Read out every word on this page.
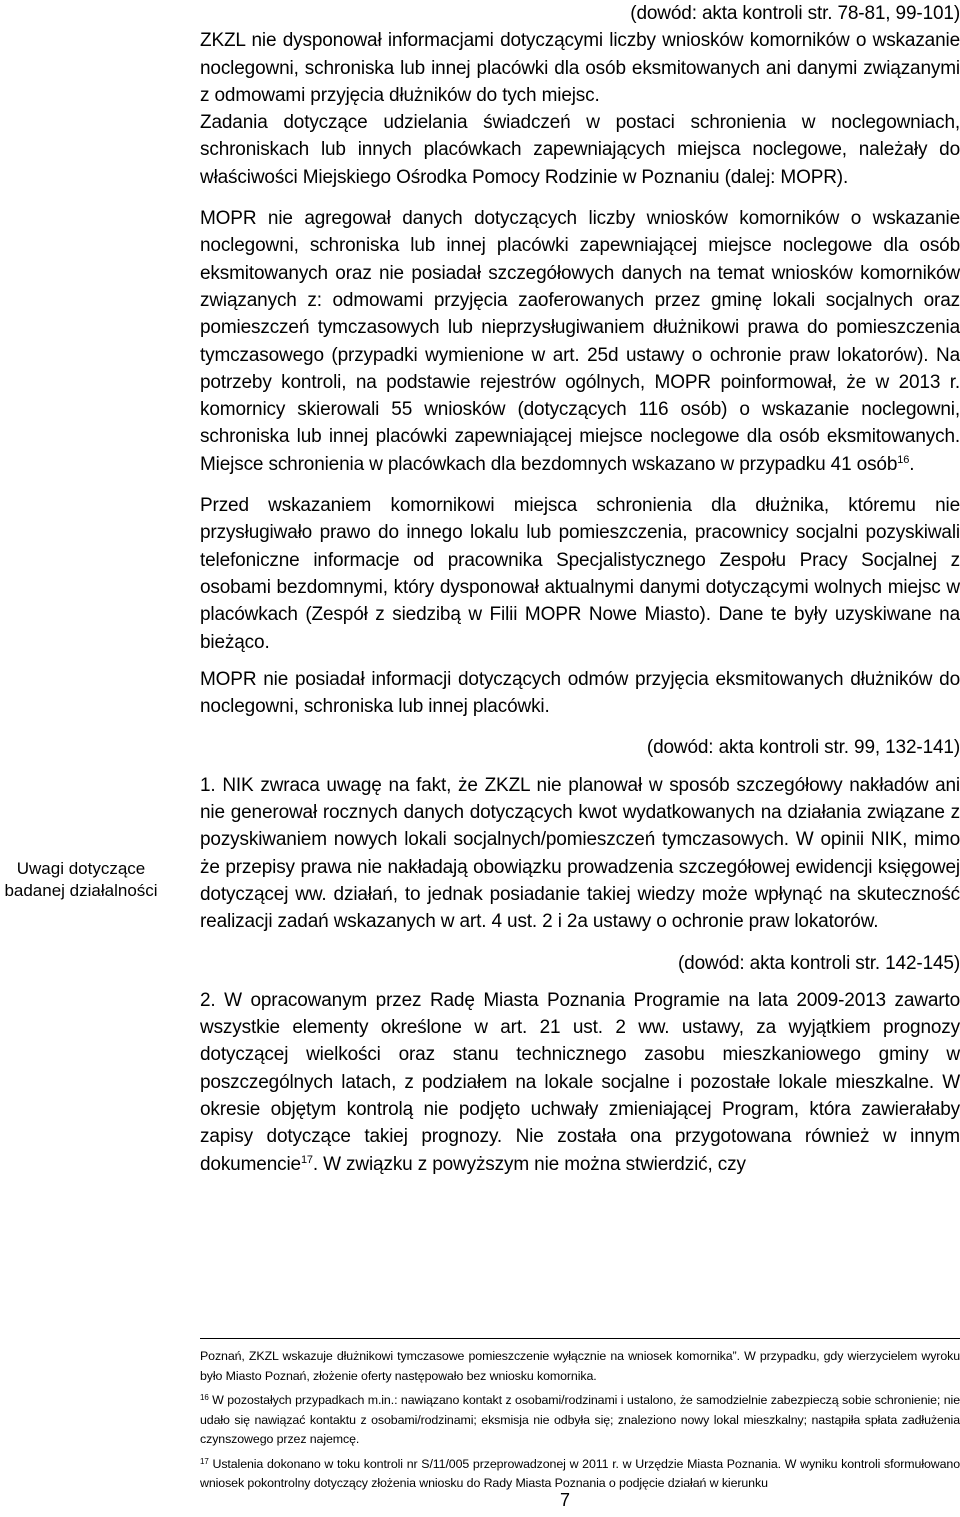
Uwagi dotyczące
badanej działalności

(dowód: akta kontroli str. 78-81, 99-101)

ZKZL nie dysponował informacjami dotyczącymi liczby wniosków komorników o wskazanie noclegowni, schroniska lub innej placówki dla osób eksmitowanych ani danymi związanymi z odmowami przyjęcia dłużników do tych miejsc.

Zadania dotyczące udzielania świadczeń w postaci schronienia w noclegowniach, schroniskach lub innych placówkach zapewniających miejsca noclegowe, należały do właściwości Miejskiego Ośrodka Pomocy Rodzinie w Poznaniu (dalej: MOPR).

MOPR nie agregował danych dotyczących liczby wniosków komorników o wskazanie noclegowni, schroniska lub innej placówki zapewniającej miejsce noclegowe dla osób eksmitowanych oraz nie posiadał szczegółowych danych na temat wniosków komorników związanych z: odmowami przyjęcia zaoferowanych przez gminę lokali socjalnych oraz pomieszczeń tymczasowych lub nieprzysługiwaniem dłużnikowi prawa do pomieszczenia tymczasowego (przypadki wymienione w art. 25d ustawy o ochronie praw lokatorów). Na potrzeby kontroli, na podstawie rejestrów ogólnych, MOPR poinformował, że w 2013 r. komornicy skierowali 55 wniosków (dotyczących 116 osób) o wskazanie noclegowni, schroniska lub innej placówki zapewniającej miejsce noclegowe dla osób eksmitowanych. Miejsce schronienia w placówkach dla bezdomnych wskazano w przypadku 41 osób$^{16}$.

Przed wskazaniem komornikowi miejsca schronienia dla dłużnika, któremu nie przysługiwało prawo do innego lokalu lub pomieszczenia, pracownicy socjalni pozyskiwali telefoniczne informacje od pracownika Specjalistycznego Zespołu Pracy Socjalnej z osobami bezdomnymi, który dysponował aktualnymi danymi dotyczącymi wolnych miejsc w placówkach (Zespół z siedzibą w Filii MOPR Nowe Miasto). Dane te były uzyskiwane na bieżąco.

MOPR nie posiadał informacji dotyczących odmów przyjęcia eksmitowanych dłużników do noclegowni, schroniska lub innej placówki.

(dowód: akta kontroli str. 99, 132-141)

1. NIK zwraca uwagę na fakt, że ZKZL nie planował w sposób szczegółowy nakładów ani nie generował rocznych danych dotyczących kwot wydatkowanych na działania związane z pozyskiwaniem nowych lokali socjalnych/pomieszczeń tymczasowych. W opinii NIK, mimo że przepisy prawa nie nakładają obowiązku prowadzenia szczegółowej ewidencji księgowej dotyczącej ww. działań, to jednak posiadanie takiej wiedzy może wpłynąć na skuteczność realizacji zadań wskazanych w art. 4 ust. 2 i 2a ustawy o ochronie praw lokatorów.

(dowód: akta kontroli str. 142-145)

2. W opracowanym przez Radę Miasta Poznania Programie na lata 2009-2013 zawarto wszystkie elementy określone w art. 21 ust. 2 ww. ustawy, za wyjątkiem prognozy dotyczącej wielkości oraz stanu technicznego zasobu mieszkaniowego gminy w poszczególnych latach, z podziałem na lokale socjalne i pozostałe lokale mieszkalne. W okresie objętym kontrolą nie podjęto uchwały zmieniającej Program, która zawierałaby zapisy dotyczące takiej prognozy. Nie została ona przygotowana również w innym dokumencie$^{17}$. W związku z powyższym nie można stwierdzić, czy

Poznań, ZKZL wskazuje dłużnikowi tymczasowe pomieszczenie wyłącznie na wniosek komornika”. W przypadku, gdy wierzycielem wyroku było Miasto Poznań, złożenie oferty następowało bez wniosku komornika.

$^{16}$ W pozostałych przypadkach m.in.: nawiązano kontakt z osobami/rodzinami i ustalono, że samodzielnie zabezpieczą sobie schronienie; nie udało się nawiązać kontaktu z osobami/rodzinami; eksmisja nie odbyła się; znaleziono nowy lokal mieszkalny; nastąpiła spłata zadłużenia czynszowego przez najemcę.

$^{17}$ Ustalenia dokonano w toku kontroli nr S/11/005 przeprowadzonej w 2011 r. w Urzędzie Miasta Poznania. W wyniku kontroli sformułowano wniosek pokontrolny dotyczący złożenia wniosku do Rady Miasta Poznania o podjęcie działań w kierunku

7
